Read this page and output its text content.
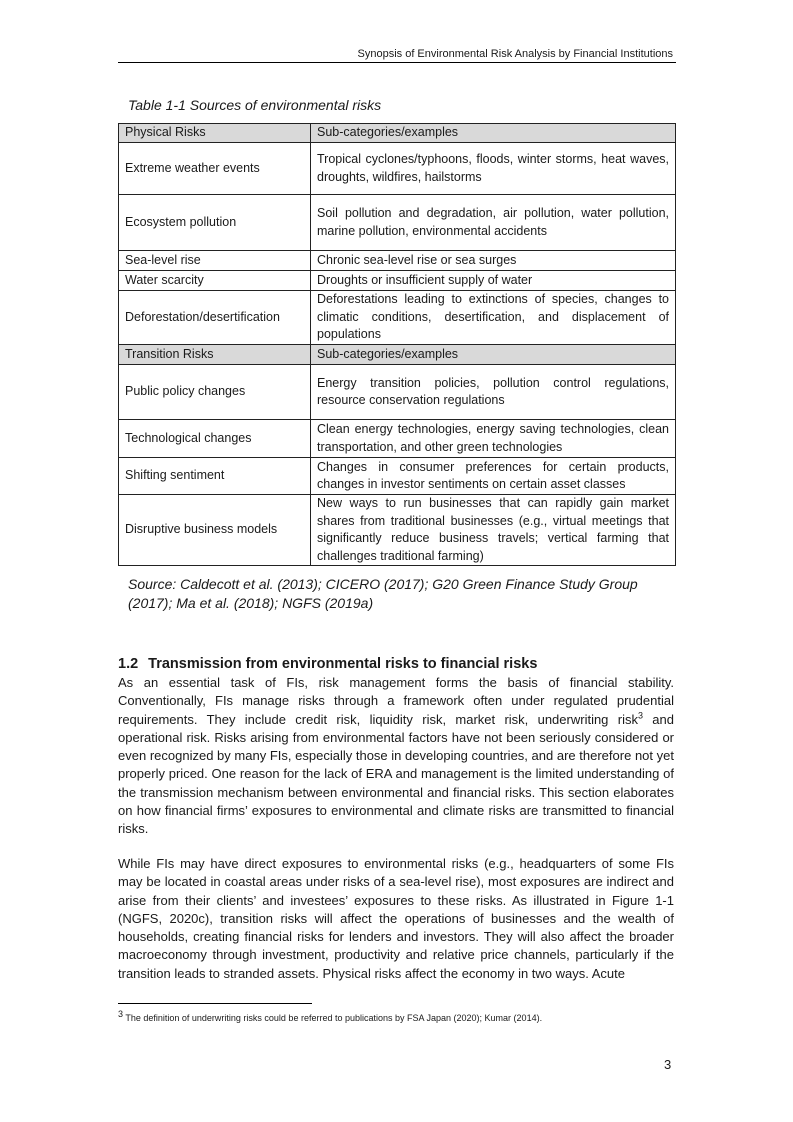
Synopsis of Environmental Risk Analysis by Financial Institutions
Table 1-1 Sources of environmental risks
Physical Risks	Sub-categories/examples
Extreme weather events	Tropical cyclones/typhoons, floods, winter storms, heat waves, droughts, wildfires, hailstorms
Ecosystem pollution	Soil pollution and degradation, air pollution, water pollution, marine pollution, environmental accidents
Sea-level rise	Chronic sea-level rise or sea surges
Water scarcity	Droughts or insufficient supply of water
Deforestation/desertification	Deforestations leading to extinctions of species, changes to climatic conditions, desertification, and displacement of populations
Transition Risks	Sub-categories/examples
Public policy changes	Energy transition policies, pollution control regulations, resource conservation regulations
Technological changes	Clean energy technologies, energy saving technologies, clean transportation, and other green technologies
Shifting sentiment	Changes in consumer preferences for certain products, changes in investor sentiments on certain asset classes
Disruptive business models	New ways to run businesses that can rapidly gain market shares from traditional businesses (e.g., virtual meetings that significantly reduce business travels; vertical farming that challenges traditional farming)
Source: Caldecott et al. (2013); CICERO (2017); G20 Green Finance Study Group (2017); Ma et al. (2018); NGFS (2019a)
1.2 Transmission from environmental risks to financial risks

As an essential task of FIs, risk management forms the basis of financial stability. Conventionally, FIs manage risks through a framework often under regulated prudential requirements. They include credit risk, liquidity risk, market risk, underwriting risk$^3$ and operational risk. Risks arising from environmental factors have not been seriously considered or even recognized by many FIs, especially those in developing countries, and are therefore not yet properly priced. One reason for the lack of ERA and management is the limited understanding of the transmission mechanism between environmental and financial risks. This section elaborates on how financial firms’ exposures to environmental and climate risks are transmitted to financial risks.

While FIs may have direct exposures to environmental risks (e.g., headquarters of some FIs may be located in coastal areas under risks of a sea-level rise), most exposures are indirect and arise from their clients’ and investees’ exposures to these risks. As illustrated in Figure 1-1 (NGFS, 2020c), transition risks will affect the operations of businesses and the wealth of households, creating financial risks for lenders and investors. They will also affect the broader macroeconomy through investment, productivity and relative price channels, particularly if the transition leads to stranded assets. Physical risks affect the economy in two ways. Acute

$^3$ The definition of underwriting risks could be referred to publications by FSA Japan (2020); Kumar (2014).
3
